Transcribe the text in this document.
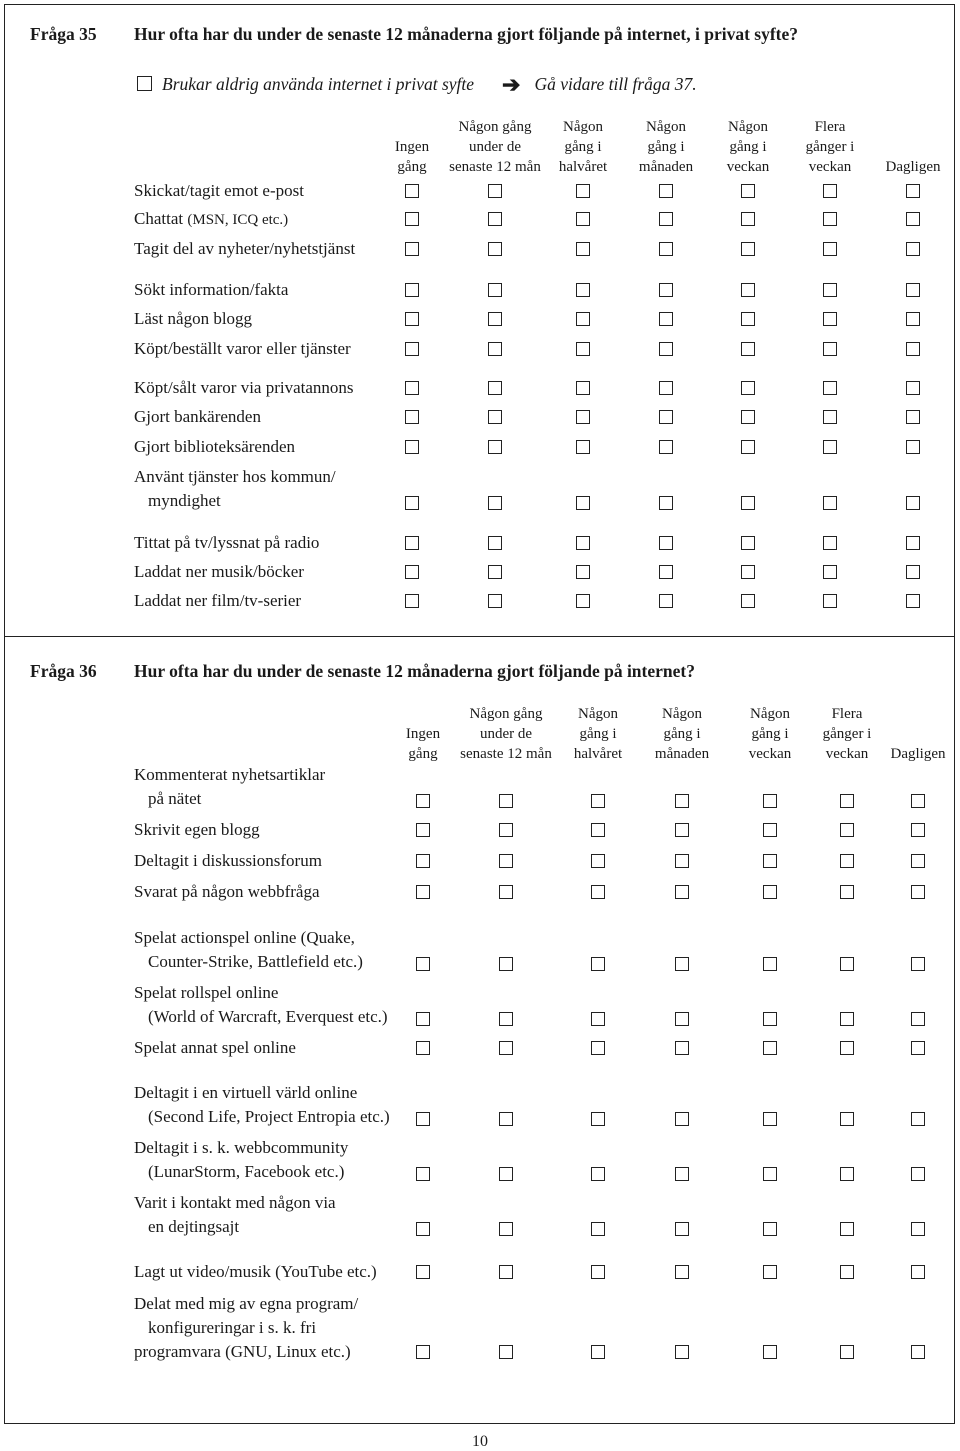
Fråga 35 Hur ofta har du under de senaste 12 månaderna gjort följande på internet, i privat syfte?
Brukar aldrig använda internet i privat syfte ➔ Gå vidare till fråga 37.
Ingen
gång
Någon gång
under de
senaste 12 mån
Någon
gång i
halvåret
Någon
gång i
månaden
Någon
gång i
veckan
Flera
gånger i
veckan	Dagligen
Skickat/tagit emot e-post
Chattat (MSN, ICQ etc.)
Tagit del av nyheter/nyhetstjänst
Sökt information/fakta
Läst någon blogg
Köpt/beställt varor eller tjänster
Köpt/sålt varor via privatannons
Gjort bankärenden
Gjort biblioteksärenden
Använt tjänster hos kommun/
myndighet
Tittat på tv/lyssnat på radio
Laddat ner musik/böcker
Laddat ner film/tv-serier
Fråga 36 Hur ofta har du under de senaste 12 månaderna gjort följande på internet?
Ingen
gång
Någon gång
under de
senaste 12 mån
Någon
gång i
halvåret
Någon
gång i
månaden
Någon
gång i
veckan
Flera
gånger i
veckan	Dagligen
Kommenterat nyhetsartiklar
på nätet
Skrivit egen blogg
Deltagit i diskussionsforum
Svarat på någon webbfråga
Spelat actionspel online (Quake,
Counter-Strike, Battlefield etc.)
Spelat rollspel online
(World of Warcraft, Everquest etc.)
Spelat annat spel online
Deltagit i en virtuell värld online
(Second Life, Project Entropia etc.)
Deltagit i s. k. webbcommunity
(LunarStorm, Facebook etc.)
Varit i kontakt med någon via
en dejtingsajt
Lagt ut video/musik (YouTube etc.)
Delat med mig av egna program/
konfigureringar i s. k. fri
programvara (GNU, Linux etc.)
10
